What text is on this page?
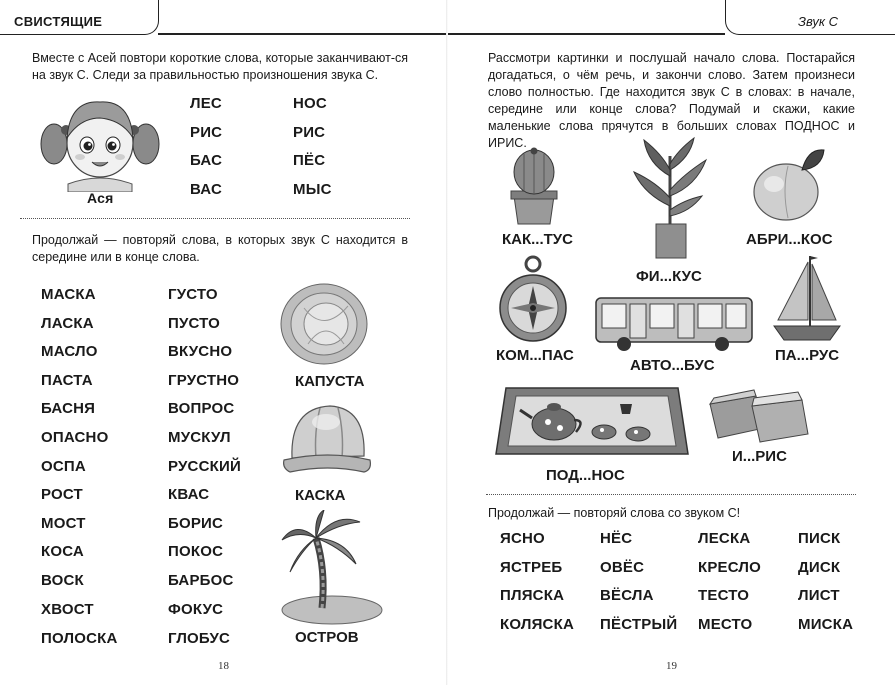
СВИСТЯЩИЕ
Вместе с Асей повтори короткие слова, которые заканчивают-ся на звук С. Следи за правильностью произношения звука С.
Ася
ЛЕС
РИС
БАС
ВАС
НОС
РИС
ПЁС
МЫС
Продолжай — повторяй слова, в которых звук С находится в середине или в конце слова.
МАСКА
ЛАСКА
МАСЛО
ПАСТА
БАСНЯ
ОПАСНО
ОСПА
РОСТ
МОСТ
КОСА
ВОСК
ХВОСТ
ПОЛОСКА
ГУСТО
ПУСТО
ВКУСНО
ГРУСТНО
ВОПРОС
МУСКУЛ
РУССКИЙ
КВАС
БОРИС
ПОКОС
БАРБОС
ФОКУС
ГЛОБУС
КАПУСТА
КАСКА
ОСТРОВ
18
Звук С
Рассмотри картинки и послушай начало слова. Постарайся догадаться, о чём речь, и закончи слово. Затем произнеси слово полностью. Где находится звук С в словах: в начале, середине или конце слова? Подумай и скажи, какие маленькие слова прячутся в больших словах ПОДНОС и ИРИС.
КАК...ТУС
ФИ...КУС
АБРИ...КОС
КОМ...ПАС
АВТО...БУС
ПА...РУС
ПОД...НОС
И...РИС
Продолжай — повторяй слова со звуком С!
ЯСНО
ЯСТРЕБ
ПЛЯСКА
КОЛЯСКА
НЁС
ОВЁС
ВЁСЛА
ПЁСТРЫЙ
ЛЕСКА
КРЕСЛО
ТЕСТО
МЕСТО
ПИСК
ДИСК
ЛИСТ
МИСКА
19
